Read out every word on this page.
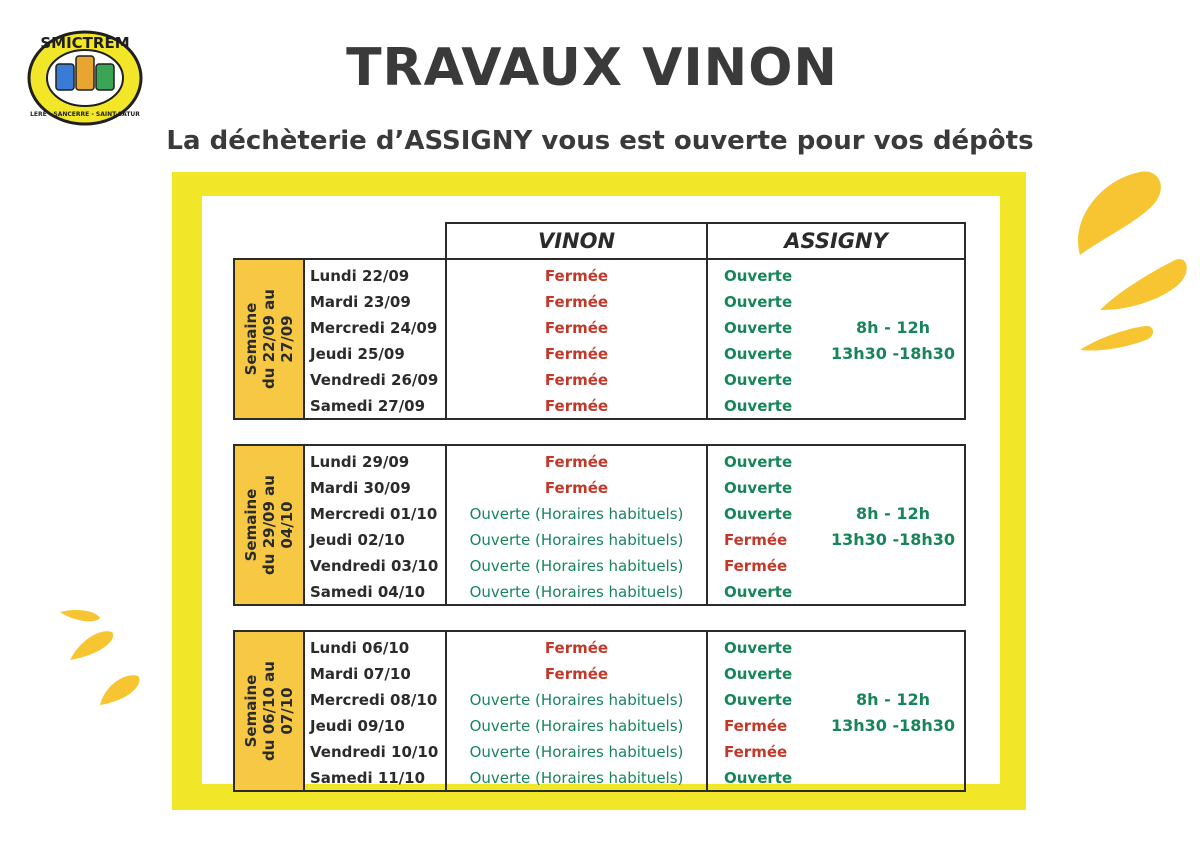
SMICTREM
LERE - SANCERRE - SAINT-SATUR
TRAVAUX VINON
La déchèterie d’ASSIGNY vous est ouverte pour vos dépôts
VINON	ASSIGNY
Semaine du 22/09 au 27/09
Lundi 22/09
Mardi 23/09
Mercredi 24/09
Jeudi 25/09
Vendredi 26/09
Samedi 27/09
Fermée
Fermée
Fermée
Fermée
Fermée
Fermée
Ouverte
Ouverte
Ouverte
Ouverte
Ouverte
Ouverte
8h - 12h
13h30 -18h30
Semaine du 29/09 au 04/10
Lundi 29/09
Mardi 30/09
Mercredi 01/10
Jeudi 02/10
Vendredi 03/10
Samedi 04/10
Fermée
Fermée
Ouverte (Horaires habituels)
Ouverte (Horaires habituels)
Ouverte (Horaires habituels)
Ouverte (Horaires habituels)
Ouverte
Ouverte
Ouverte
Fermée
Fermée
Ouverte
8h - 12h
13h30 -18h30
Semaine du 06/10 au 07/10
Lundi 06/10
Mardi 07/10
Mercredi 08/10
Jeudi 09/10
Vendredi 10/10
Samedi 11/10
Fermée
Fermée
Ouverte (Horaires habituels)
Ouverte (Horaires habituels)
Ouverte (Horaires habituels)
Ouverte (Horaires habituels)
Ouverte
Ouverte
Ouverte
Fermée
Fermée
Ouverte
8h - 12h
13h30 -18h30
